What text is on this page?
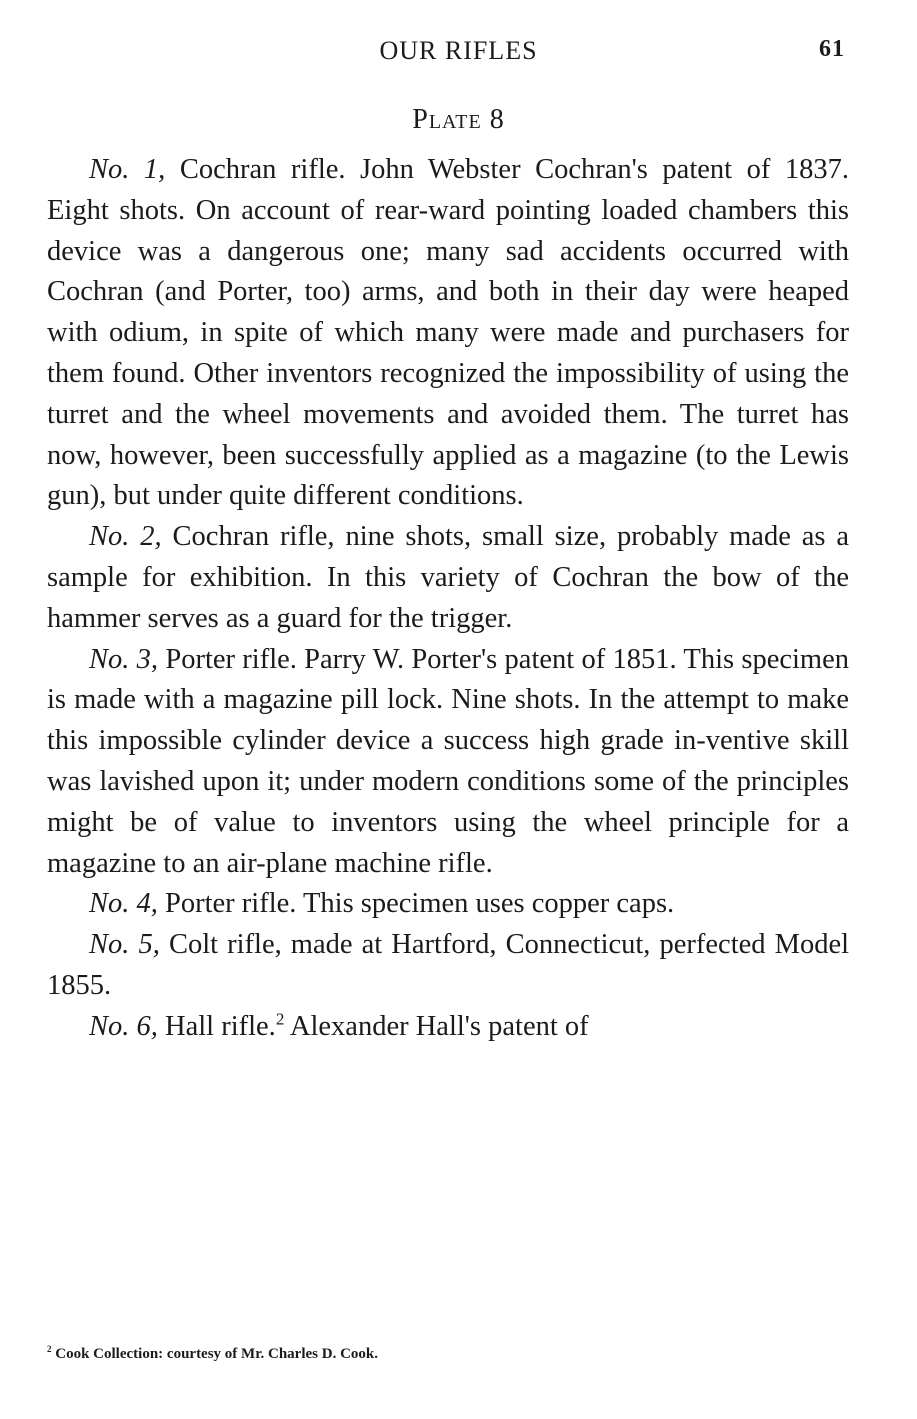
OUR RIFLES	61
Plate 8

No. 1, Cochran rifle. John Webster Cochran's patent of 1837. Eight shots. On account of rear-ward pointing loaded chambers this device was a dangerous one; many sad accidents occurred with Cochran (and Porter, too) arms, and both in their day were heaped with odium, in spite of which many were made and purchasers for them found. Other inventors recognized the impossibility of using the turret and the wheel movements and avoided them. The turret has now, however, been successfully applied as a magazine (to the Lewis gun), but under quite different conditions.

No. 2, Cochran rifle, nine shots, small size, probably made as a sample for exhibition. In this variety of Cochran the bow of the hammer serves as a guard for the trigger.

No. 3, Porter rifle. Parry W. Porter's patent of 1851. This specimen is made with a magazine pill lock. Nine shots. In the attempt to make this impossible cylinder device a success high grade in-ventive skill was lavished upon it; under modern conditions some of the principles might be of value to inventors using the wheel principle for a magazine to an air-plane machine rifle.

No. 4, Porter rifle. This specimen uses copper caps.

No. 5, Colt rifle, made at Hartford, Connecticut, perfected Model 1855.

No. 6, Hall rifle.$^2$ Alexander Hall's patent of

$^2$ Cook Collection: courtesy of Mr. Charles D. Cook.
